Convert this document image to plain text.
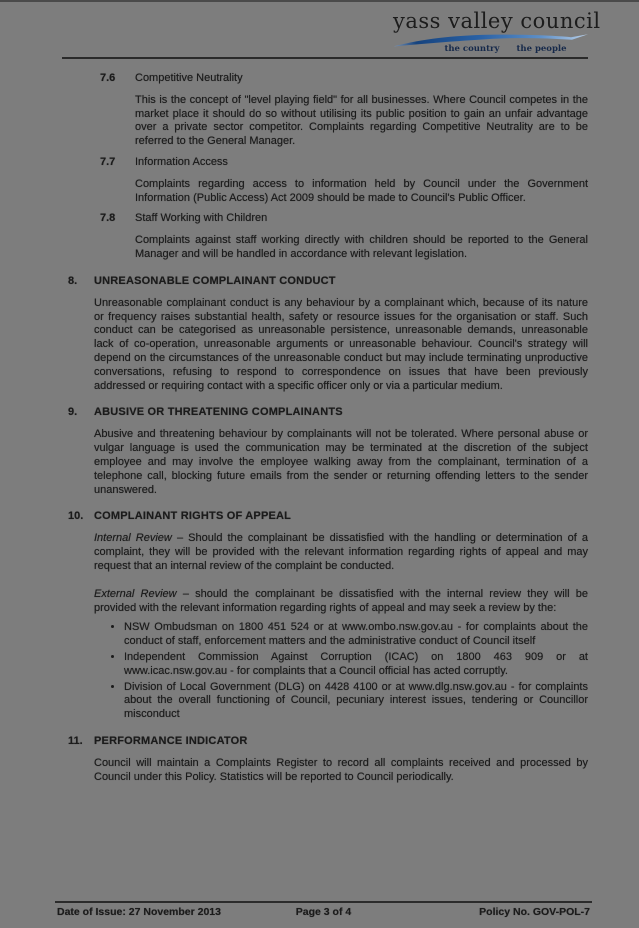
yass valley council
the country the people
7.6	Competitive Neutrality

This is the concept of "level playing field" for all businesses. Where Council competes in the market place it should do so without utilising its public position to gain an unfair advantage over a private sector competitor. Complaints regarding Competitive Neutrality are to be referred to the General Manager.

7.7	Information Access

Complaints regarding access to information held by Council under the Government Information (Public Access) Act 2009 should be made to Council's Public Officer.

7.8	Staff Working with Children

Complaints against staff working directly with children should be reported to the General Manager and will be handled in accordance with relevant legislation.

8.	UNREASONABLE COMPLAINANT CONDUCT

Unreasonable complainant conduct is any behaviour by a complainant which, because of its nature or frequency raises substantial health, safety or resource issues for the organisation or staff. Such conduct can be categorised as unreasonable persistence, unreasonable demands, unreasonable lack of co-operation, unreasonable arguments or unreasonable behaviour. Council's strategy will depend on the circumstances of the unreasonable conduct but may include terminating unproductive conversations, refusing to respond to correspondence on issues that have been previously addressed or requiring contact with a specific officer only or via a particular medium.

9.	ABUSIVE OR THREATENING COMPLAINANTS

Abusive and threatening behaviour by complainants will not be tolerated. Where personal abuse or vulgar language is used the communication may be terminated at the discretion of the subject employee and may involve the employee walking away from the complainant, termination of a telephone call, blocking future emails from the sender or returning offending letters to the sender unanswered.

10. COMPLAINANT RIGHTS OF APPEAL

Internal Review – Should the complainant be dissatisfied with the handling or determination of a complaint, they will be provided with the relevant information regarding rights of appeal and may request that an internal review of the complaint be conducted.

External Review – should the complainant be dissatisfied with the internal review they will be provided with the relevant information regarding rights of appeal and may seek a review by the:

• NSW Ombudsman on 1800 451 524 or at www.ombo.nsw.gov.au - for complaints about the conduct of staff, enforcement matters and the administrative conduct of Council itself
• Independent Commission Against Corruption (ICAC) on 1800 463 909 or at www.icac.nsw.gov.au - for complaints that a Council official has acted corruptly.
• Division of Local Government (DLG) on 4428 4100 or at www.dlg.nsw.gov.au - for complaints about the overall functioning of Council, pecuniary interest issues, tendering or Councillor misconduct
11.	PERFORMANCE INDICATOR

Council will maintain a Complaints Register to record all complaints received and processed by Council under this Policy. Statistics will be reported to Council periodically.

Date of Issue: 27 November 2013	Page 3 of 4	Policy No. GOV-POL-7
